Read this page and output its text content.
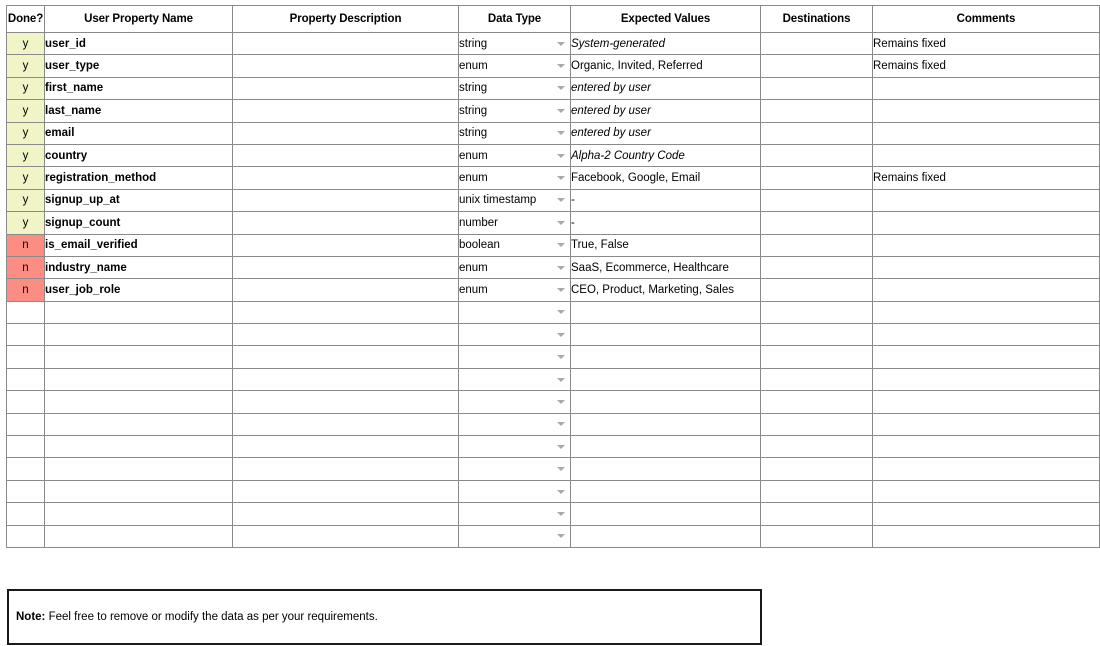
Done?	User Property Name	Property Description	Data Type	Expected Values	Destinations	Comments
y	user_id		string	System-generated		Remains fixed
y	user_type		enum	Organic, Invited, Referred		Remains fixed
y	first_name		string	entered by user		
y	last_name		string	entered by user		
y	email		string	entered by user		
y	country		enum	Alpha-2 Country Code		
y	registration_method		enum	Facebook, Google, Email		Remains fixed
y	signup_up_at		unix timestamp	-		
y	signup_count		number	-		
n	is_email_verified		boolean	True, False		
n	industry_name		enum	SaaS, Ecommerce, Healthcare		
n	user_job_role		enum	CEO, Product, Marketing, Sales		

Note: Feel free to remove or modify the data as per your requirements.
